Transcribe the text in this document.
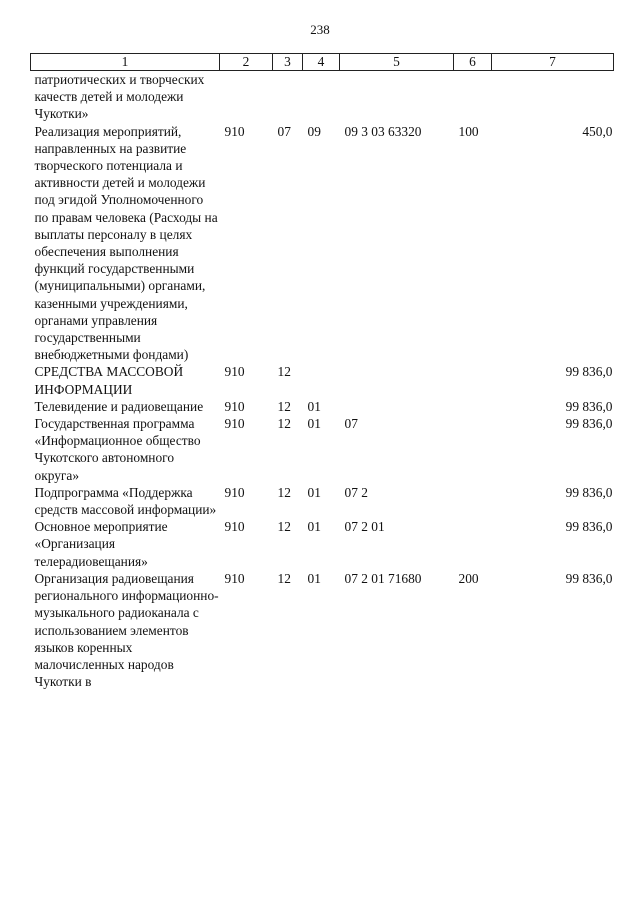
238
1	2	3	4	5	6	7
патриотических и творческих качеств детей и молодежи Чукотки»						
Реализация мероприятий, направленных на развитие творческого потенциала и активности детей и молодежи под эгидой Уполномоченного по правам человека (Расходы на выплаты персоналу в целях обеспечения выполнения функций государственными (муниципальными) органами, казенными учреждениями, органами управления государственными внебюджетными фондами)	910	07	09	09 3 03 63320	100	450,0
СРЕДСТВА МАССОВОЙ ИНФОРМАЦИИ	910	12				99 836,0
Телевидение и радиовещание	910	12	01			99 836,0
Государственная программа «Информационное общество Чукотского автономного округа»	910	12	01	07		99 836,0
Подпрограмма «Поддержка средств массовой информации»	910	12	01	07 2		99 836,0
Основное мероприятие «Организация телерадиовещания»	910	12	01	07 2 01		99 836,0
Организация радиовещания регионального информационно-музыкального радиоканала с использованием элементов языков коренных малочисленных народов Чукотки в	910	12	01	07 2 01 71680	200	99 836,0
